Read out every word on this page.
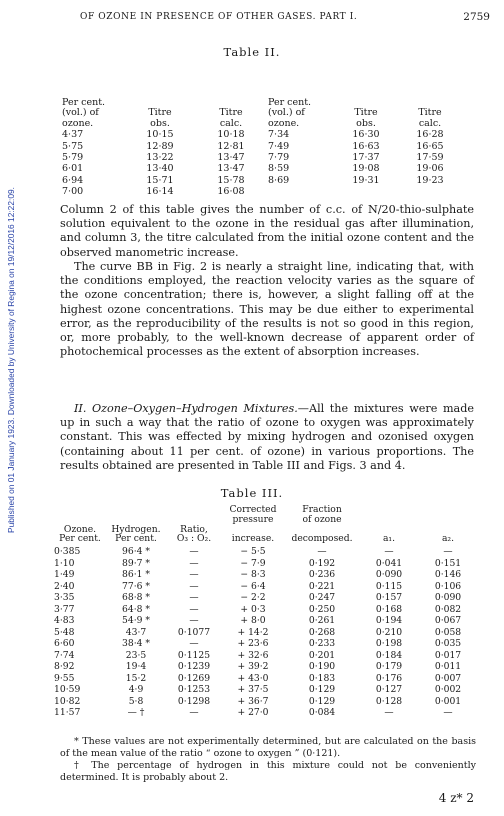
Published on 01 January 1923. Downloaded by University of Regina on 19/12/2016 12:22:09.
OF OZONE IN PRESENCE OF OTHER GASES. PART I.	2759
Table II.
Per cent.			Per cent.		
(vol.) of	Titre	Titre	(vol.) of	Titre	Titre
ozone.	obs.	calc.	ozone.	obs.	calc.
4·37	10·15	10·18	7·34	16·30	16·28
5·75	12·89	12·81	7·49	16·63	16·65
5·79	13·22	13·47	7·79	17·37	17·59
6·01	13·40	13·47	8·59	19·08	19·06
6·94	15·71	15·78	8·69	19·31	19·23
7·00	16·14	16·08			

Column 2 of this table gives the number of c.c. of N/20-thio-sulphate solution equivalent to the ozone in the residual gas after illumination, and column 3, the titre calculated from the initial ozone content and the observed manometric increase.

The curve BB in Fig. 2 is nearly a straight line, indicating that, with the conditions employed, the reaction velocity varies as the square of the ozone concentration; there is, however, a slight falling off at the highest ozone concentrations. This may be due either to experimental error, as the reproducibility of the results is not so good in this region, or, more probably, to the well-known decrease of apparent order of photochemical processes as the extent of absorption increases.

II. Ozone–Oxygen–Hydrogen Mixtures.—All the mixtures were made up in such a way that the ratio of ozone to oxygen was approximately constant. This was effected by mixing hydrogen and ozonised oxygen (containing about 11 per cent. of ozone) in various proportions. The results obtained are presented in Table III and Figs. 3 and 4.

Table III.
			Corrected	Fraction		
			pressure	of ozone		
Ozone.	Hydrogen.	Ratio,				
Per cent.	Per cent.	O₃ : O₂.	increase.	decomposed.	a₁.	a₂.
0·385	96·4 *	—	− 5·5	—	—	—
1·10	89·7 *	—	− 7·9	0·192	0·041	0·151
1·49	86·1 *	—	− 8·3	0·236	0·090	0·146
2·40	77·6 *	—	− 6·4	0·221	0·115	0·106
3·35	68·8 *	—	− 2·2	0·247	0·157	0·090
3·77	64·8 *	—	+ 0·3	0·250	0·168	0·082
4·83	54·9 *	—	+ 8·0	0·261	0·194	0·067
5·48	43·7	0·1077	+ 14·2	0·268	0·210	0·058
6·60	38·4 *	—	+ 23·6	0·233	0·198	0·035
7·74	23·5	0·1125	+ 32·6	0·201	0·184	0·017
8·92	19·4	0·1239	+ 39·2	0·190	0·179	0·011
9·55	15·2	0·1269	+ 43·0	0·183	0·176	0·007
10·59	4·9	0·1253	+ 37·5	0·129	0·127	0·002
10·82	5·8	0·1298	+ 36·7	0·129	0·128	0·001
11·57	— †	—	+ 27·0	0·084	—	—

* These values are not experimentally determined, but are calculated on the basis of the mean value of the ratio “ ozone to oxygen ” (0·121).

† The percentage of hydrogen in this mixture could not be conveniently determined. It is probably about 2.

4 z* 2
